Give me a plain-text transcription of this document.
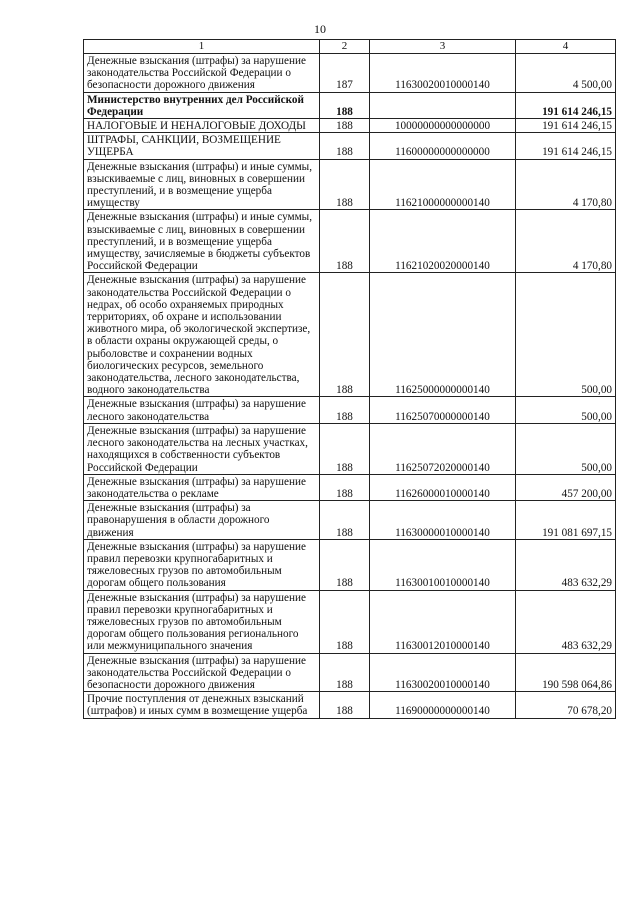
10
1	2	3	4
Денежные взыскания (штрафы) за нарушение законодательства Российской Федерации о безопасности дорожного движения	187	11630020010000140	4 500,00
Министерство внутренних дел Российской Федерации	188		191 614 246,15
НАЛОГОВЫЕ И НЕНАЛОГОВЫЕ ДОХОДЫ	188	10000000000000000	191 614 246,15
ШТРАФЫ, САНКЦИИ, ВОЗМЕЩЕНИЕ УЩЕРБА	188	11600000000000000	191 614 246,15
Денежные взыскания (штрафы) и иные суммы, взыскиваемые с лиц, виновных в совершении преступлений, и в возмещение ущерба имуществу	188	11621000000000140	4 170,80
Денежные взыскания (штрафы) и иные суммы, взыскиваемые с лиц, виновных в совершении преступлений, и в возмещение ущерба имуществу, зачисляемые в бюджеты субъектов Российской Федерации	188	11621020020000140	4 170,80
Денежные взыскания (штрафы) за нарушение законодательства Российской Федерации о недрах, об особо охраняемых природных территориях, об охране и использовании животного мира, об экологической экспертизе, в области охраны окружающей среды, о рыболовстве и сохранении водных биологических ресурсов, земельного законодательства, лесного законодательства, водного законодательства	188	11625000000000140	500,00
Денежные взыскания (штрафы) за нарушение лесного законодательства	188	11625070000000140	500,00
Денежные взыскания (штрафы) за нарушение лесного законодательства на лесных участках, находящихся в собственности субъектов Российской Федерации	188	11625072020000140	500,00
Денежные взыскания (штрафы) за нарушение законодательства о рекламе	188	11626000010000140	457 200,00
Денежные взыскания (штрафы) за правонарушения в области дорожного движения	188	11630000010000140	191 081 697,15
Денежные взыскания (штрафы) за нарушение правил перевозки крупногабаритных и тяжеловесных грузов по автомобильным дорогам общего пользования	188	11630010010000140	483 632,29
Денежные взыскания (штрафы) за нарушение правил перевозки крупногабаритных и тяжеловесных грузов по автомобильным дорогам общего пользования регионального или межмуниципального значения	188	11630012010000140	483 632,29
Денежные взыскания (штрафы) за нарушение законодательства Российской Федерации о безопасности дорожного движения	188	11630020010000140	190 598 064,86
Прочие поступления от денежных взысканий (штрафов) и иных сумм в возмещение ущерба	188	11690000000000140	70 678,20
